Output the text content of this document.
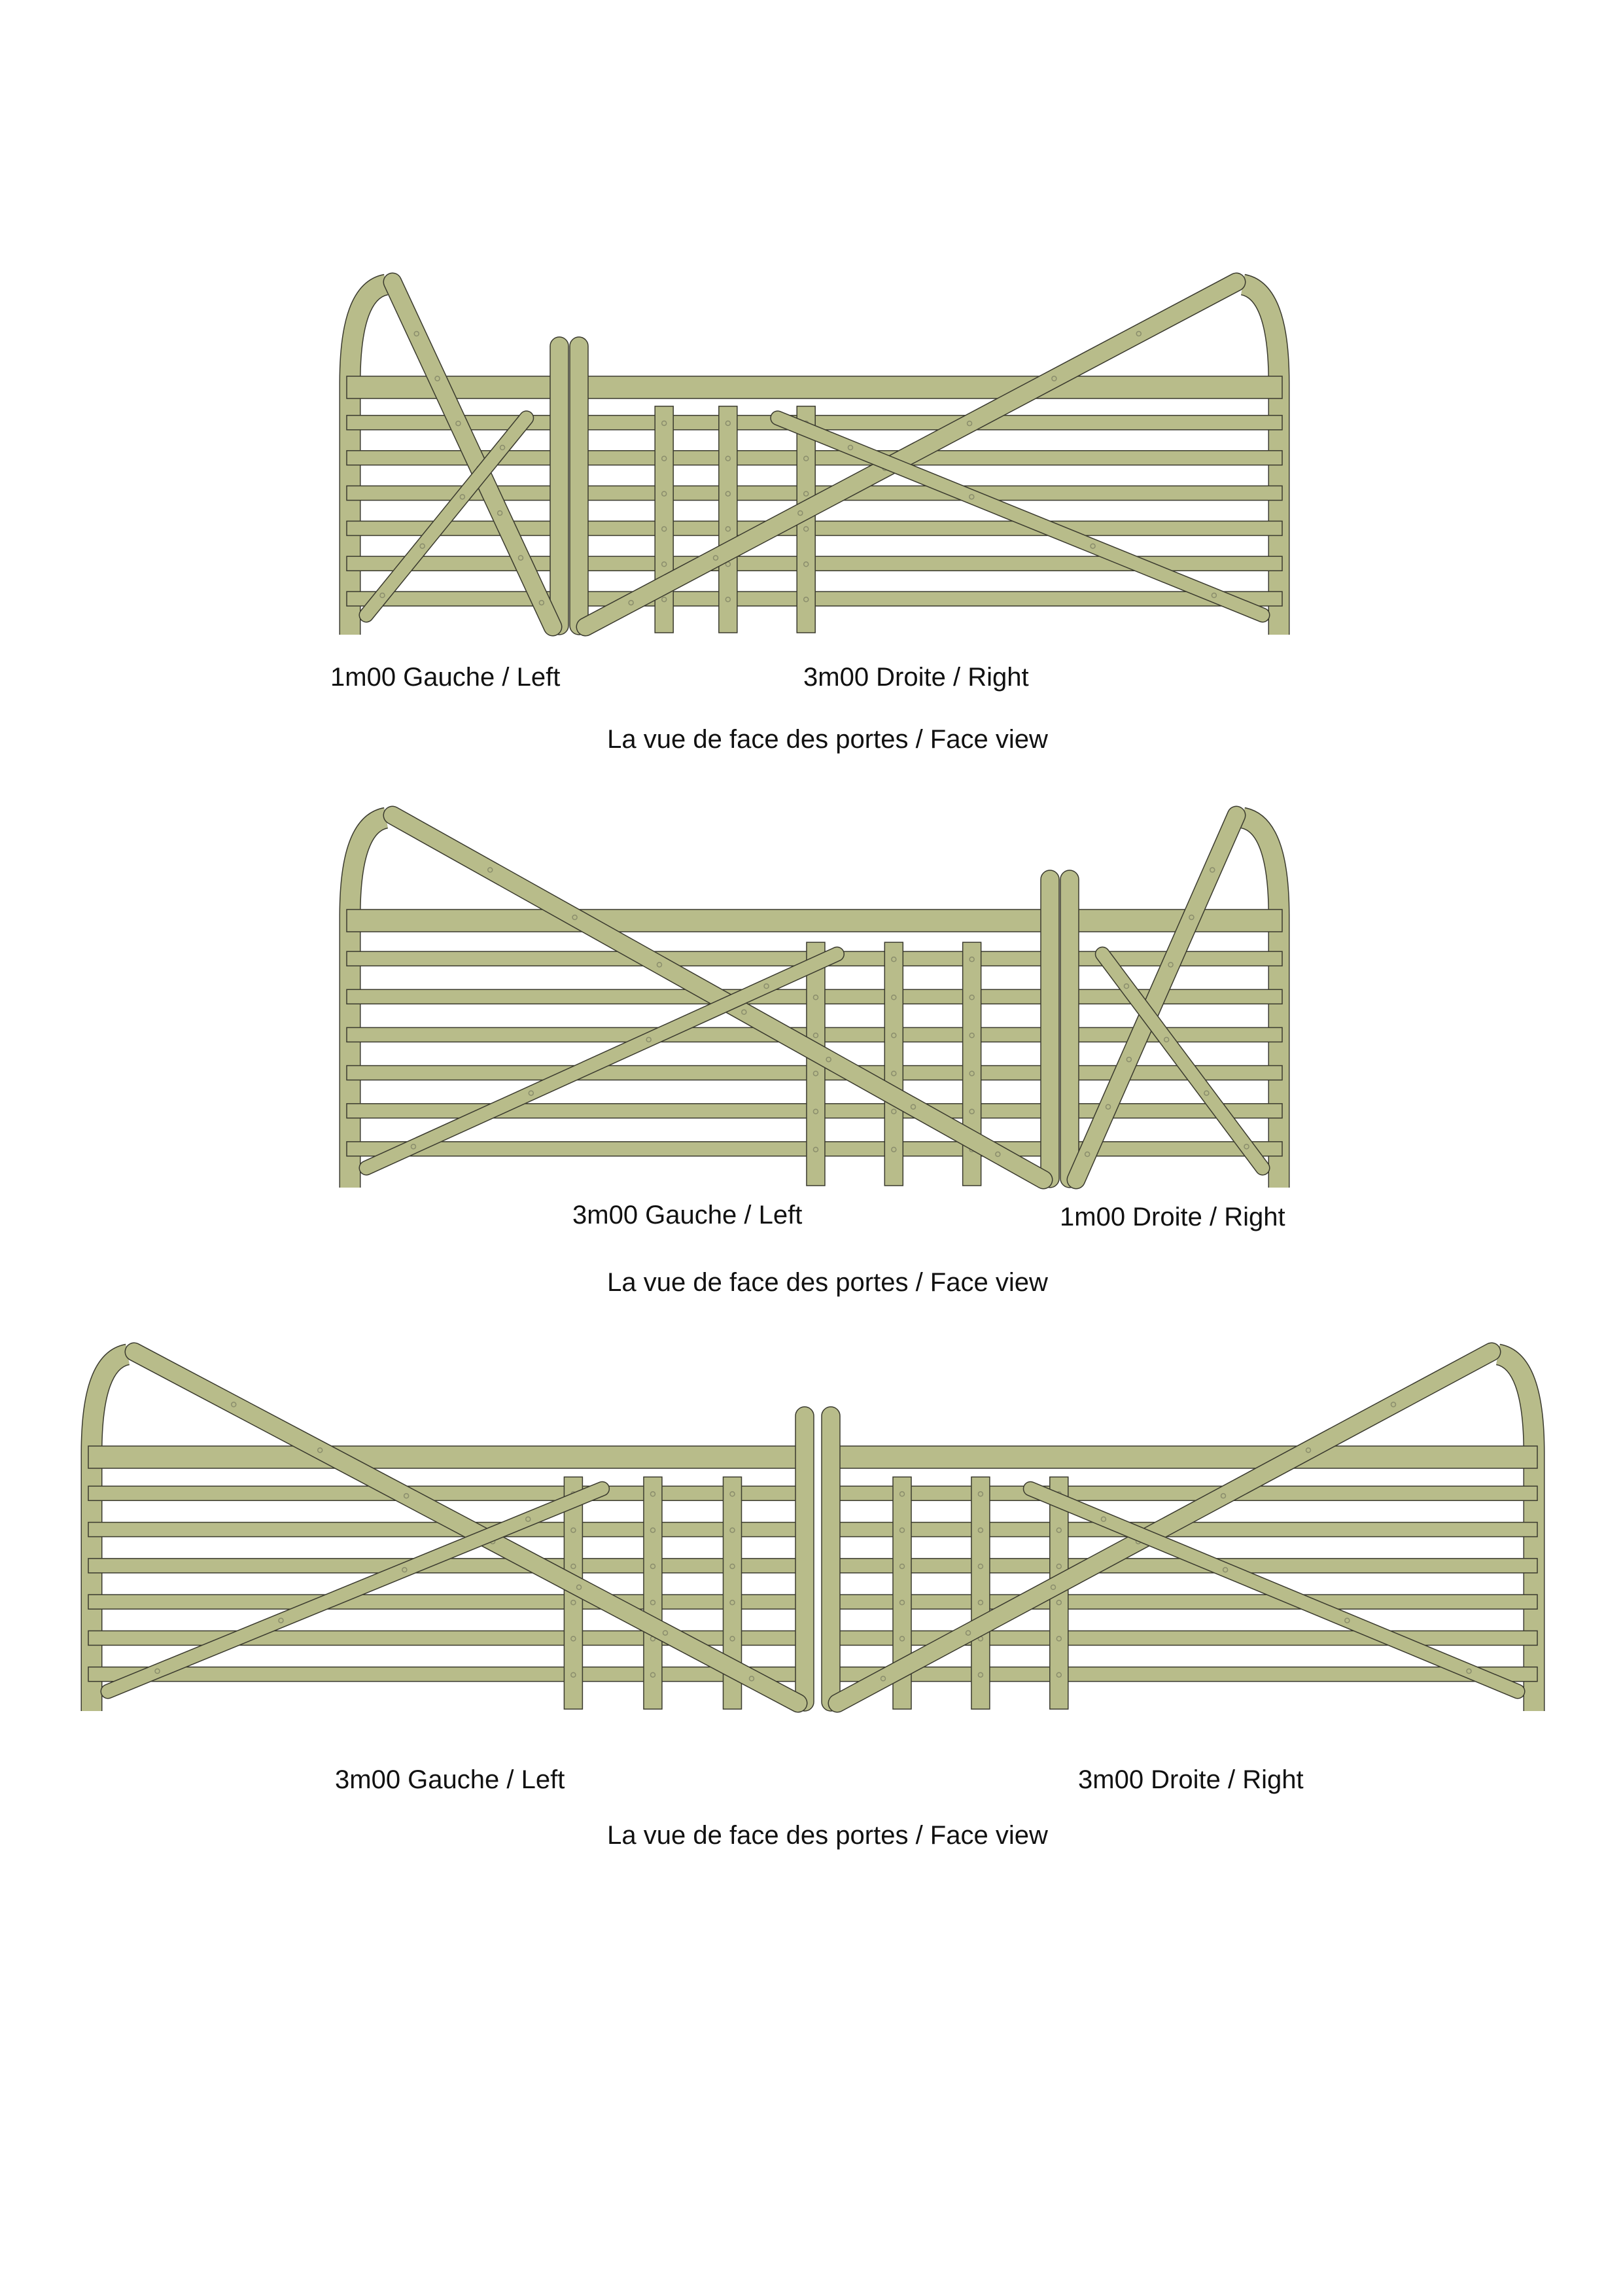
1m00 Gauche / Left	3m00 Droite / Right
La vue de face des portes / Face view
3m00 Gauche / Left	1m00 Droite / Right
La vue de face des portes / Face view
3m00 Gauche / Left	3m00 Droite / Right
La vue de face des portes / Face view
